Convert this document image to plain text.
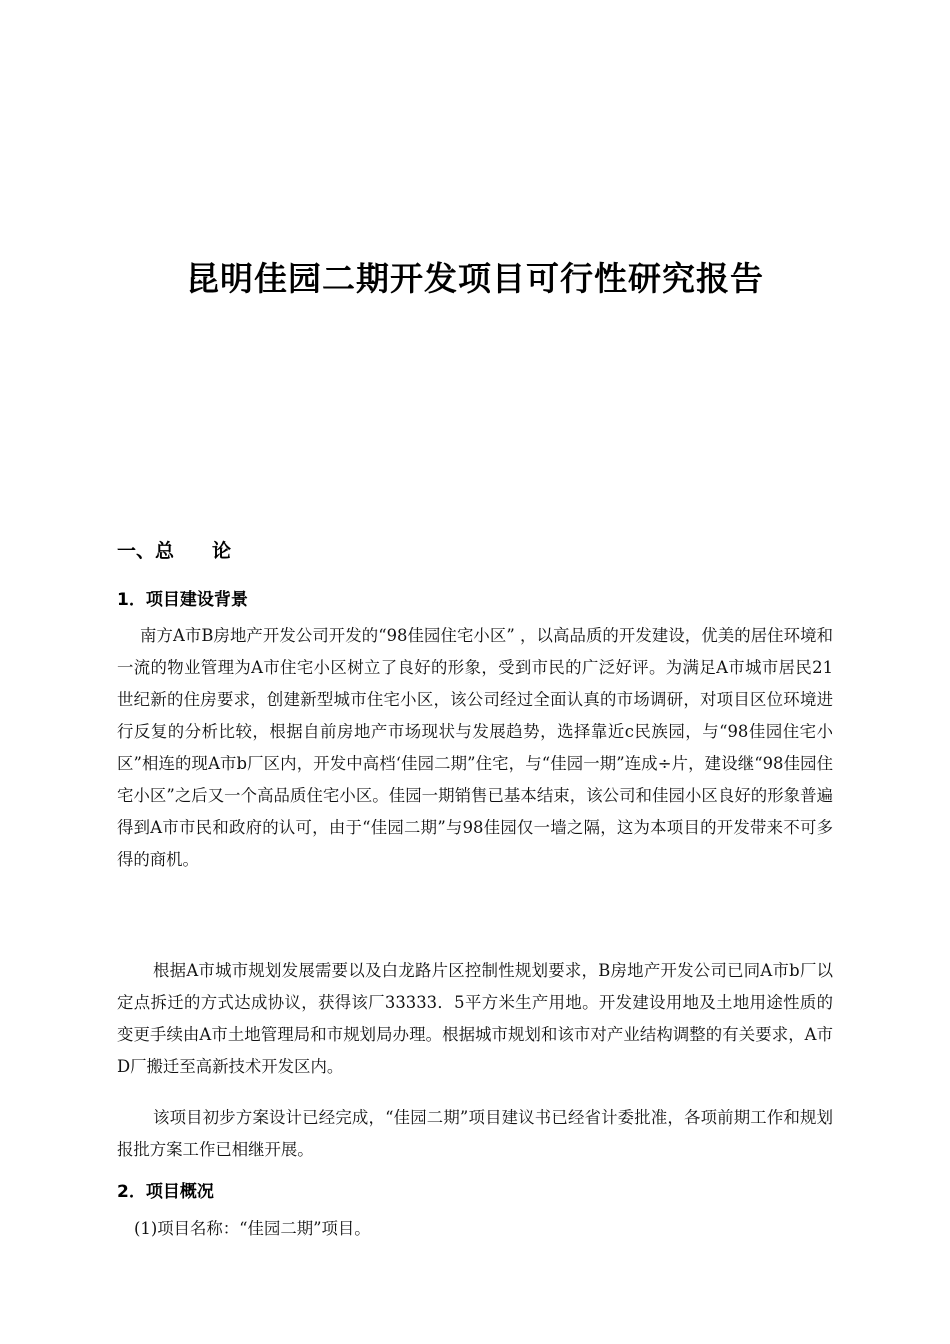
昆明佳园二期开发项目可行性研究报告
一、总　　论
1．项目建设背景

南方A市B房地产开发公司开发的“98佳园住宅小区” ，以高品质的开发建设，优美的居住环境和一流的物业管理为A市住宅小区树立了良好的形象，受到市民的广泛好评。为满足A市城市居民21世纪新的住房要求，创建新型城市住宅小区，该公司经过全面认真的市场调研，对项目区位环境进行反复的分析比较，根据自前房地产市场现状与发展趋势，选择靠近c民族园，与“98佳园住宅小区”相连的现A市b厂区内，开发中高档‘佳园二期”住宅，与“佳园一期”连成÷片，建设继“98佳园住宅小区”之后又一个高品质住宅小区。佳园一期销售已基本结束，该公司和佳园小区良好的形象普遍得到A市市民和政府的认可，由于“佳园二期”与98佳园仅一墙之隔，这为本项目的开发带来不可多得的商机。

根据A市城市规划发展需要以及白龙路片区控制性规划要求，B房地产开发公司已同A市b厂以定点拆迁的方式达成协议，获得该厂33333．5平方米生产用地。开发建设用地及土地用途性质的变更手续由A市土地管理局和市规划局办理。根据城市规划和该市对产业结构调整的有关要求，A市D厂搬迁至高新技术开发区内。

该项目初步方案设计已经完成，“佳园二期”项目建议书已经省计委批准，各项前期工作和规划报批方案工作已相继开展。

2．项目概况
(1)项目名称：“佳园二期”项目。
